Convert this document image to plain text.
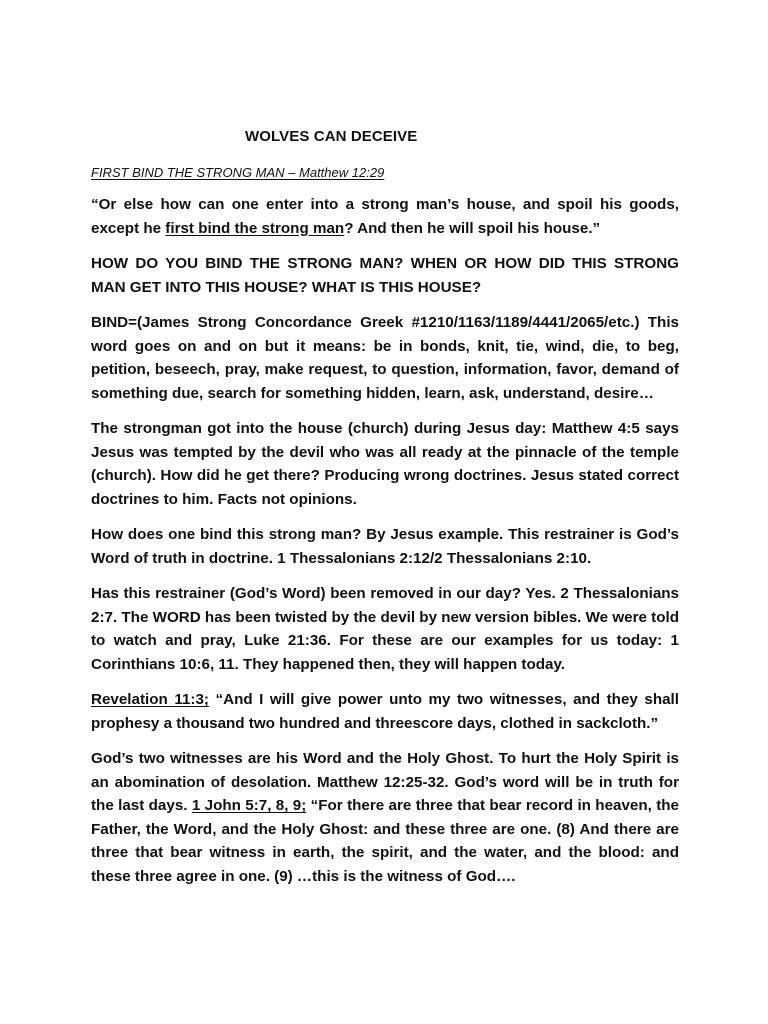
WOLVES CAN DECEIVE
FIRST BIND THE STRONG MAN – Matthew 12:29

“Or else how can one enter into a strong man’s house, and spoil his goods, except he first bind the strong man? And then he will spoil his house.”

HOW DO YOU BIND THE STRONG MAN? WHEN OR HOW DID THIS STRONG MAN GET INTO THIS HOUSE? WHAT IS THIS HOUSE?

BIND=(James Strong Concordance Greek #1210/1163/1189/4441/2065/etc.) This word goes on and on but it means: be in bonds, knit, tie, wind, die, to beg, petition, beseech, pray, make request, to question, information, favor, demand of something due, search for something hidden, learn, ask, understand, desire…

The strongman got into the house (church) during Jesus day: Matthew 4:5 says Jesus was tempted by the devil who was all ready at the pinnacle of the temple (church). How did he get there? Producing wrong doctrines. Jesus stated correct doctrines to him. Facts not opinions.

How does one bind this strong man? By Jesus example. This restrainer is God’s Word of truth in doctrine. 1 Thessalonians 2:12/2 Thessalonians 2:10.

Has this restrainer (God’s Word) been removed in our day? Yes. 2 Thessalonians 2:7. The WORD has been twisted by the devil by new version bibles. We were told to watch and pray, Luke 21:36. For these are our examples for us today: 1 Corinthians 10:6, 11. They happened then, they will happen today.

Revelation 11:3; “And I will give power unto my two witnesses, and they shall prophesy a thousand two hundred and threescore days, clothed in sackcloth.”

God’s two witnesses are his Word and the Holy Ghost. To hurt the Holy Spirit is an abomination of desolation. Matthew 12:25-32. God’s word will be in truth for the last days. 1 John 5:7, 8, 9; “For there are three that bear record in heaven, the Father, the Word, and the Holy Ghost: and these three are one. (8) And there are three that bear witness in earth, the spirit, and the water, and the blood: and these three agree in one. (9) …this is the witness of God….
